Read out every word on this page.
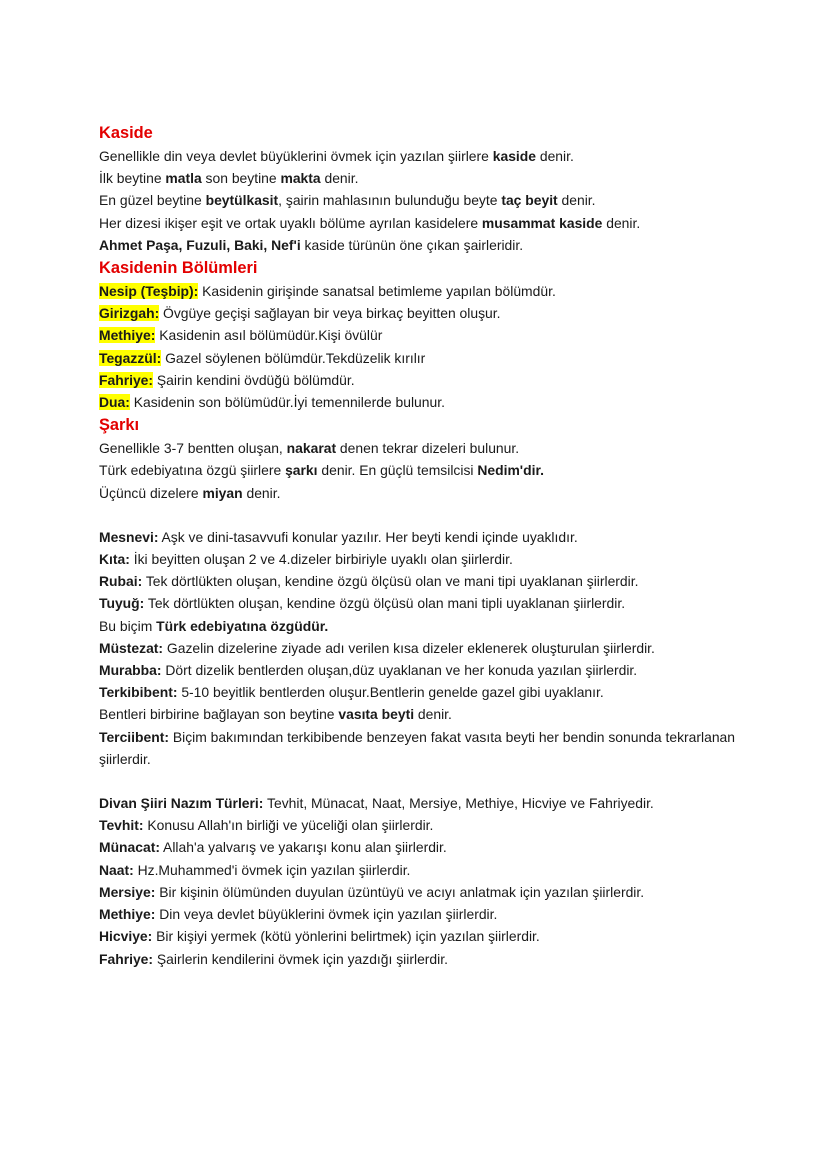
Kaside

Genellikle din veya devlet büyüklerini övmek için yazılan şiirlere kaside denir.

İlk beytine matla son beytine makta denir.

En güzel beytine beytülkasit, şairin mahlasının bulunduğu beyte taç beyit denir.

Her dizesi ikişer eşit ve ortak uyaklı bölüme ayrılan kasidelere musammat kaside denir.

Ahmet Paşa, Fuzuli, Baki, Nef'i kaside türünün öne çıkan şairleridir.

Kasidenin Bölümleri

Nesip (Teşbip): Kasidenin girişinde sanatsal betimleme yapılan bölümdür.

Girizgah: Övgüye geçişi sağlayan bir veya birkaç beyitten oluşur.

Methiye: Kasidenin asıl bölümüdür.Kişi övülür

Tegazzül: Gazel söylenen bölümdür.Tekdüzelik kırılır

Fahriye: Şairin kendini övdüğü bölümdür.

Dua: Kasidenin son bölümüdür.İyi temennilerde bulunur.

Şarkı

Genellikle 3-7 bentten oluşan, nakarat denen tekrar dizeleri bulunur.

Türk edebiyatına özgü şiirlere şarkı denir. En güçlü temsilcisi Nedim'dir.

Üçüncü dizelere miyan denir.

Mesnevi: Aşk ve dini-tasavvufi konular yazılır. Her beyti kendi içinde uyaklıdır.

Kıta: İki beyitten oluşan 2 ve 4.dizeler birbiriyle uyaklı olan şiirlerdir.

Rubai: Tek dörtlükten oluşan, kendine özgü ölçüsü olan ve mani tipi uyaklanan şiirlerdir.

Tuyuğ: Tek dörtlükten oluşan, kendine özgü ölçüsü olan mani tipli uyaklanan şiirlerdir.

Bu biçim Türk edebiyatına özgüdür.

Müstezat: Gazelin dizelerine ziyade adı verilen kısa dizeler eklenerek oluşturulan şiirlerdir.

Murabba: Dört dizelik bentlerden oluşan,düz uyaklanan ve her konuda yazılan şiirlerdir.

Terkibibent: 5-10 beyitlik bentlerden oluşur.Bentlerin genelde gazel gibi uyaklanır.

Bentleri birbirine bağlayan son beytine vasıta beyti denir.

Terciibent: Biçim bakımından terkibibende benzeyen fakat vasıta beyti her bendin sonunda tekrarlanan şiirlerdir.

Divan Şiiri Nazım Türleri: Tevhit, Münacat, Naat, Mersiye, Methiye, Hicviye ve Fahriyedir.

Tevhit: Konusu Allah'ın birliği ve yüceliği olan şiirlerdir.

Münacat: Allah'a yalvarış ve yakarışı konu alan şiirlerdir.

Naat: Hz.Muhammed'i övmek için yazılan şiirlerdir.

Mersiye: Bir kişinin ölümünden duyulan üzüntüyü ve acıyı anlatmak için yazılan şiirlerdir.

Methiye: Din veya devlet büyüklerini övmek için yazılan şiirlerdir.

Hicviye: Bir kişiyi yermek (kötü yönlerini belirtmek) için yazılan şiirlerdir.

Fahriye: Şairlerin kendilerini övmek için yazdığı şiirlerdir.
